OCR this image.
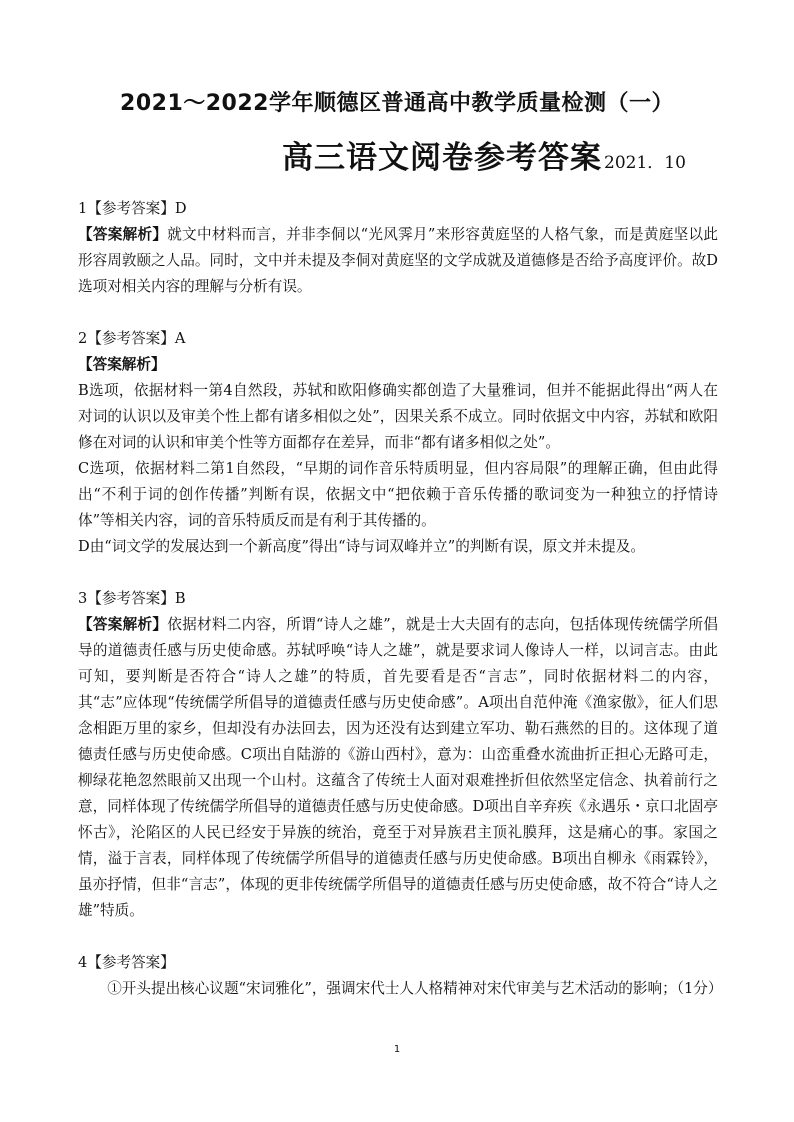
2021～2022学年顺德区普通高中教学质量检测（一）
高三语文阅卷参考答案 2021．10

1【参考答案】D

【答案解析】就文中材料而言，并非李侗以“光风霁月”来形容黄庭坚的人格气象，而是黄庭坚以此形容周敦颐之人品。同时，文中并未提及李侗对黄庭坚的文学成就及道德修是否给予高度评价。故D选项对相关内容的理解与分析有误。

2【参考答案】A

【答案解析】

B选项，依据材料一第4自然段，苏轼和欧阳修确实都创造了大量雅词，但并不能据此得出“两人在对词的认识以及审美个性上都有诸多相似之处”，因果关系不成立。同时依据文中内容，苏轼和欧阳修在对词的认识和审美个性等方面都存在差异，而非“都有诸多相似之处”。

C选项，依据材料二第1自然段，“早期的词作音乐特质明显，但内容局限”的理解正确，但由此得出“不利于词的创作传播”判断有误，依据文中“把依赖于音乐传播的歌词变为一种独立的抒情诗体”等相关内容，词的音乐特质反而是有利于其传播的。

D由“词文学的发展达到一个新高度”得出“诗与词双峰并立”的判断有误，原文并未提及。

3【参考答案】B

【答案解析】依据材料二内容，所谓“诗人之雄”，就是士大夫固有的志向，包括体现传统儒学所倡导的道德责任感与历史使命感。苏轼呼唤“诗人之雄”，就是要求词人像诗人一样，以词言志。由此可知，要判断是否符合“诗人之雄”的特质，首先要看是否“言志”，同时依据材料二的内容，其“志”应体现“传统儒学所倡导的道德责任感与历史使命感”。A项出自范仲淹《渔家傲》，征人们思念相距万里的家乡，但却没有办法回去，因为还没有达到建立军功、勒石燕然的目的。这体现了道德责任感与历史使命感。C项出自陆游的《游山西村》，意为：山峦重叠水流曲折正担心无路可走，柳绿花艳忽然眼前又出现一个山村。这蕴含了传统士人面对艰难挫折但依然坚定信念、执着前行之意，同样体现了传统儒学所倡导的道德责任感与历史使命感。D项出自辛弃疾《永遇乐・京口北固亭怀古》，沦陷区的人民已经安于异族的统治，竟至于对异族君主顶礼膜拜，这是痛心的事。家国之情，溢于言表，同样体现了传统儒学所倡导的道德责任感与历史使命感。B项出自柳永《雨霖铃》，虽亦抒情，但非“言志”，体现的更非传统儒学所倡导的道德责任感与历史使命感，故不符合“诗人之雄”特质。

4【参考答案】

①开头提出核心议题“宋词雅化”，强调宋代士人人格精神对宋代审美与艺术活动的影响；（1分）

1
